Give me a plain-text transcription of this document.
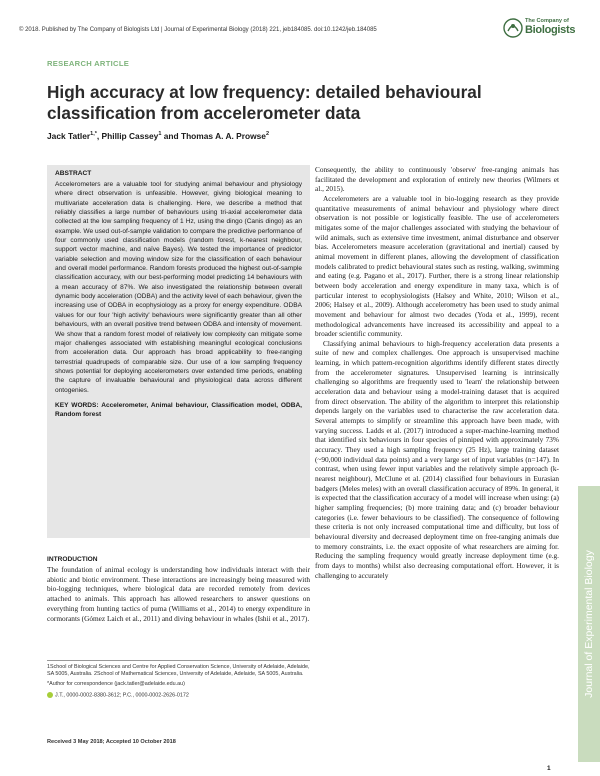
© 2018. Published by The Company of Biologists Ltd | Journal of Experimental Biology (2018) 221, jeb184085. doi:10.1242/jeb.184085
The Company of
Biologists
RESEARCH ARTICLE
High accuracy at low frequency: detailed behavioural classification from accelerometer data
Jack Tatler$^{1,*}$, Phillip Cassey$^1$ and Thomas A. A. Prowse$^2$
ABSTRACT

Accelerometers are a valuable tool for studying animal behaviour and physiology where direct observation is unfeasible. However, giving biological meaning to multivariate acceleration data is challenging. Here, we describe a method that reliably classifies a large number of behaviours using tri-axial accelerometer data collected at the low sampling frequency of 1 Hz, using the dingo (Canis dingo) as an example. We used out-of-sample validation to compare the predictive performance of four commonly used classification models (random forest, k-nearest neighbour, support vector machine, and naïve Bayes). We tested the importance of predictor variable selection and moving window size for the classification of each behaviour and overall model performance. Random forests produced the highest out-of-sample classification accuracy, with our best-performing model predicting 14 behaviours with a mean accuracy of 87%. We also investigated the relationship between overall dynamic body acceleration (ODBA) and the activity level of each behaviour, given the increasing use of ODBA in ecophysiology as a proxy for energy expenditure. ODBA values for our four 'high activity' behaviours were significantly greater than all other behaviours, with an overall positive trend between ODBA and intensity of movement. We show that a random forest model of relatively low complexity can mitigate some major challenges associated with establishing meaningful ecological conclusions from acceleration data. Our approach has broad applicability to free-ranging terrestrial quadrupeds of comparable size. Our use of a low sampling frequency shows potential for deploying accelerometers over extended time periods, enabling the capture of invaluable behavioural and physiological data across different ontogenies.

KEY WORDS: Accelerometer, Animal behaviour, Classification model, ODBA, Random forest

INTRODUCTION

The foundation of animal ecology is understanding how individuals interact with their abiotic and biotic environment. These interactions are increasingly being measured with bio-logging techniques, where biological data are recorded remotely from devices attached to animals. This approach has allowed researchers to answer questions on everything from hunting tactics of puma (Williams et al., 2014) to energy expenditure in cormorants (Gómez Laich et al., 2011) and diving behaviour in whales (Ishii et al., 2017).

1School of Biological Sciences and Centre for Applied Conservation Science, University of Adelaide, Adelaide, SA 5005, Australia. 2School of Mathematical Sciences, University of Adelaide, Adelaide, SA 5005, Australia.

*Author for correspondence (jack.tatler@adelaide.edu.au)

J.T., 0000-0002-8380-3612; P.C., 0000-0002-2626-0172

Received 3 May 2018; Accepted 10 October 2018

Consequently, the ability to continuously 'observe' free-ranging animals has facilitated the development and exploration of entirely new theories (Wilmers et al., 2015).

Accelerometers are a valuable tool in bio-logging research as they provide quantitative measurements of animal behaviour and physiology where direct observation is not possible or logistically feasible. The use of accelerometers mitigates some of the major challenges associated with studying the behaviour of wild animals, such as extensive time investment, animal disturbance and observer bias. Accelerometers measure acceleration (gravitational and inertial) caused by animal movement in different planes, allowing the development of classification models calibrated to predict behavioural states such as resting, walking, swimming and eating (e.g. Pagano et al., 2017). Further, there is a strong linear relationship between body acceleration and energy expenditure in many taxa, which is of particular interest to ecophysiologists (Halsey and White, 2010; Wilson et al., 2006; Halsey et al., 2009). Although accelerometry has been used to study animal movement and behaviour for almost two decades (Yoda et al., 1999), recent methodological advancements have increased its accessibility and appeal to a broader scientific community.

Classifying animal behaviours to high-frequency acceleration data presents a suite of new and complex challenges. One approach is unsupervised machine learning, in which pattern-recognition algorithms identify different states directly from the accelerometer signatures. Unsupervised learning is intrinsically challenging so algorithms are frequently used to 'learn' the relationship between acceleration data and behaviour using a model-training dataset that is acquired from direct observation. The ability of the algorithm to interpret this relationship depends largely on the variables used to characterise the raw acceleration data. Several attempts to simplify or streamline this approach have been made, with varying success. Ladds et al. (2017) introduced a super-machine-learning method that identified six behaviours in four species of pinniped with approximately 73% accuracy. They used a high sampling frequency (25 Hz), large training dataset (~90,000 individual data points) and a very large set of input variables (n=147). In contrast, when using fewer input variables and the relatively simple approach (k-nearest neighbour), McClune et al. (2014) classified four behaviours in Eurasian badgers (Meles meles) with an overall classification accuracy of 89%. In general, it is expected that the classification accuracy of a model will increase when using: (a) higher sampling frequencies; (b) more training data; and (c) broader behaviour categories (i.e. fewer behaviours to be classified). The consequence of following these criteria is not only increased computational time and difficulty, but loss of behavioural diversity and decreased deployment time on free-ranging animals due to memory constraints, i.e. the exact opposite of what researchers are aiming for. Reducing the sampling frequency would greatly increase deployment time (e.g. from days to months) whilst also decreasing computational effort. However, it is challenging to accurately	Journal of Experimental Biology
1
